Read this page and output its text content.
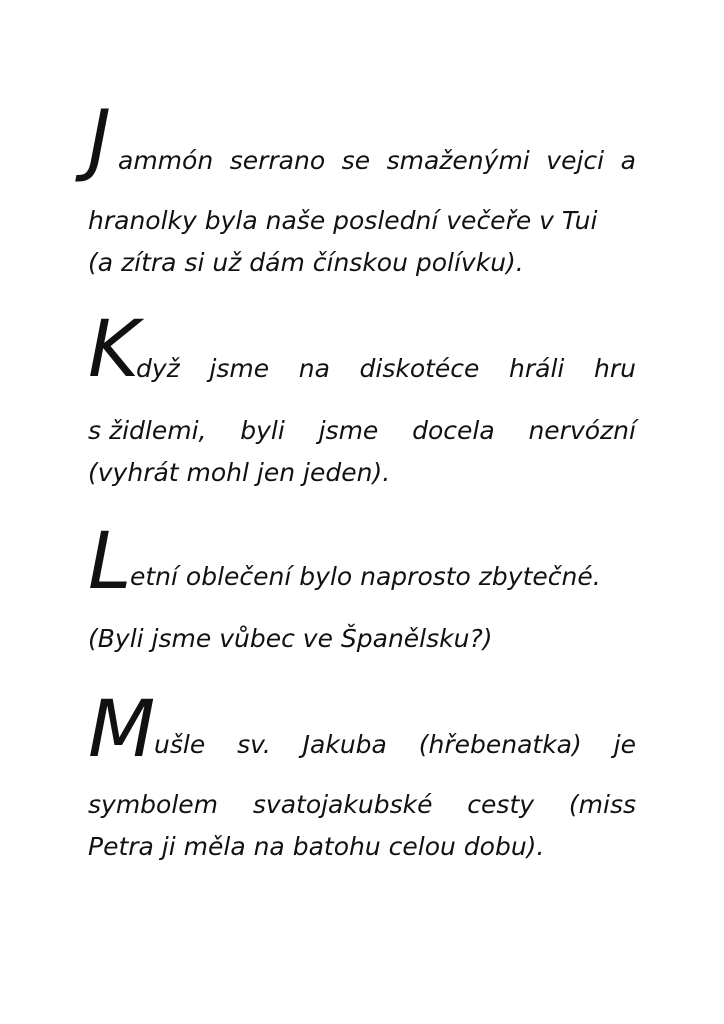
J ammón serrano se smaženými vejci a
hranolky byla naše poslední večeře v Tui
(a zítra si už dám čínskou polívku).
K
dyž jsme na diskotéce hráli hru
s židlemi, byli jsme docela nervózní
(vyhrát mohl jen jeden).
L
etní oblečení bylo naprosto zbytečné.
(Byli jsme vůbec ve Španělsku?)
M
ušle sv. Jakuba (hřebenatka) je
symbolem svatojakubské cesty (miss
Petra ji měla na batohu celou dobu).
